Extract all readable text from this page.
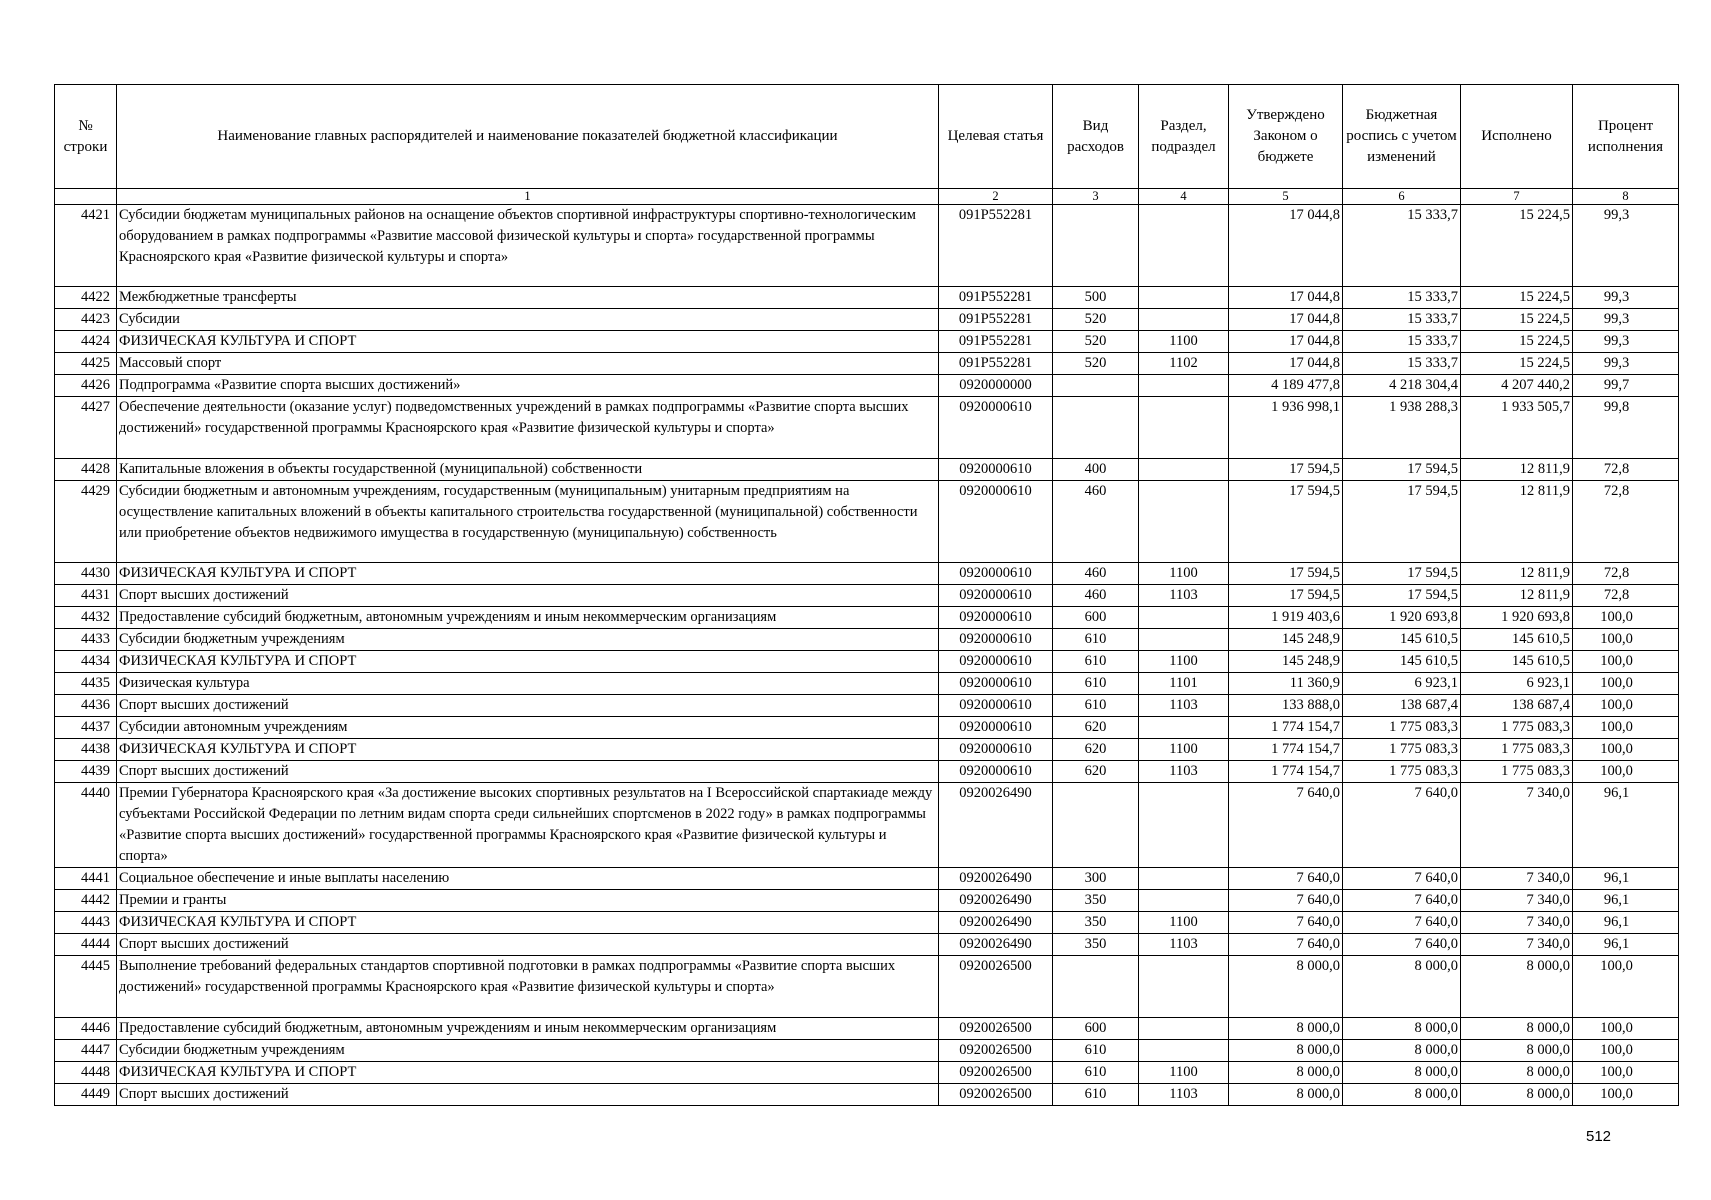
№ строки	Наименование главных распорядителей и наименование показателей бюджетной классификации	Целевая статья	Вид расходов	Раздел, подраздел	Утверждено Законом о бюджете	Бюджетная роспись с учетом изменений	Исполнено	Процент исполнения
	1	2	3	4	5	6	7	8
4421	Субсидии бюджетам муниципальных районов на оснащение объектов спортивной инфраструктуры спортивно-технологическим оборудованием в рамках подпрограммы «Развитие массовой физической культуры и спорта» государственной программы Красноярского края «Развитие физической культуры и спорта»	091P552281			17 044,8	15 333,7	15 224,5	99,3
4422	Межбюджетные трансферты	091P552281	500		17 044,8	15 333,7	15 224,5	99,3
4423	Субсидии	091P552281	520		17 044,8	15 333,7	15 224,5	99,3
4424	ФИЗИЧЕСКАЯ КУЛЬТУРА И СПОРТ	091P552281	520	1100	17 044,8	15 333,7	15 224,5	99,3
4425	Массовый спорт	091P552281	520	1102	17 044,8	15 333,7	15 224,5	99,3
4426	Подпрограмма «Развитие спорта высших достижений»	0920000000			4 189 477,8	4 218 304,4	4 207 440,2	99,7
4427	Обеспечение деятельности (оказание услуг) подведомственных учреждений в рамках подпрограммы «Развитие спорта высших достижений» государственной программы Красноярского края «Развитие физической культуры и спорта»	0920000610			1 936 998,1	1 938 288,3	1 933 505,7	99,8
4428	Капитальные вложения в объекты государственной (муниципальной) собственности	0920000610	400		17 594,5	17 594,5	12 811,9	72,8
4429	Субсидии бюджетным и автономным учреждениям, государственным (муниципальным) унитарным предприятиям на осуществление капитальных вложений в объекты капитального строительства государственной (муниципальной) собственности или приобретение объектов недвижимого имущества в государственную (муниципальную) собственность	0920000610	460		17 594,5	17 594,5	12 811,9	72,8
4430	ФИЗИЧЕСКАЯ КУЛЬТУРА И СПОРТ	0920000610	460	1100	17 594,5	17 594,5	12 811,9	72,8
4431	Спорт высших достижений	0920000610	460	1103	17 594,5	17 594,5	12 811,9	72,8
4432	Предоставление субсидий бюджетным, автономным учреждениям и иным некоммерческим организациям	0920000610	600		1 919 403,6	1 920 693,8	1 920 693,8	100,0
4433	Субсидии бюджетным учреждениям	0920000610	610		145 248,9	145 610,5	145 610,5	100,0
4434	ФИЗИЧЕСКАЯ КУЛЬТУРА И СПОРТ	0920000610	610	1100	145 248,9	145 610,5	145 610,5	100,0
4435	Физическая культура	0920000610	610	1101	11 360,9	6 923,1	6 923,1	100,0
4436	Спорт высших достижений	0920000610	610	1103	133 888,0	138 687,4	138 687,4	100,0
4437	Субсидии автономным учреждениям	0920000610	620		1 774 154,7	1 775 083,3	1 775 083,3	100,0
4438	ФИЗИЧЕСКАЯ КУЛЬТУРА И СПОРТ	0920000610	620	1100	1 774 154,7	1 775 083,3	1 775 083,3	100,0
4439	Спорт высших достижений	0920000610	620	1103	1 774 154,7	1 775 083,3	1 775 083,3	100,0
4440	Премии Губернатора Красноярского края «За достижение высоких спортивных результатов на I Всероссийской спартакиаде между субъектами Российской Федерации по летним видам спорта среди сильнейших спортсменов в 2022 году» в рамках подпрограммы «Развитие спорта высших достижений» государственной программы Красноярского края «Развитие физической культуры и спорта»	0920026490			7 640,0	7 640,0	7 340,0	96,1
4441	Социальное обеспечение и иные выплаты населению	0920026490	300		7 640,0	7 640,0	7 340,0	96,1
4442	Премии и гранты	0920026490	350		7 640,0	7 640,0	7 340,0	96,1
4443	ФИЗИЧЕСКАЯ КУЛЬТУРА И СПОРТ	0920026490	350	1100	7 640,0	7 640,0	7 340,0	96,1
4444	Спорт высших достижений	0920026490	350	1103	7 640,0	7 640,0	7 340,0	96,1
4445	Выполнение требований федеральных стандартов спортивной подготовки в рамках подпрограммы «Развитие спорта высших достижений» государственной программы Красноярского края «Развитие физической культуры и спорта»	0920026500			8 000,0	8 000,0	8 000,0	100,0
4446	Предоставление субсидий бюджетным, автономным учреждениям и иным некоммерческим организациям	0920026500	600		8 000,0	8 000,0	8 000,0	100,0
4447	Субсидии бюджетным учреждениям	0920026500	610		8 000,0	8 000,0	8 000,0	100,0
4448	ФИЗИЧЕСКАЯ КУЛЬТУРА И СПОРТ	0920026500	610	1100	8 000,0	8 000,0	8 000,0	100,0
4449	Спорт высших достижений	0920026500	610	1103	8 000,0	8 000,0	8 000,0	100,0
512
